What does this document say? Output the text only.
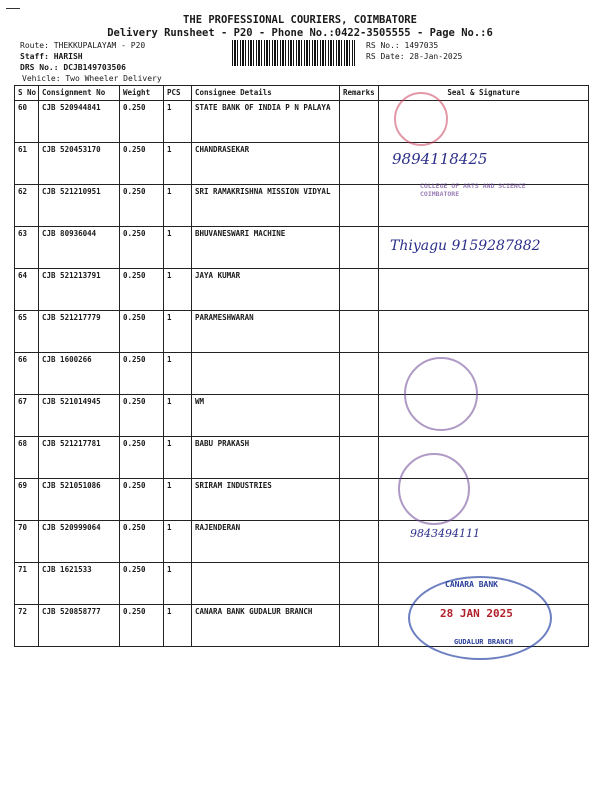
THE PROFESSIONAL COURIERS, COIMBATORE
Delivery Runsheet - P20 - Phone No.:0422-3505555 - Page No.:6
Route: THEKKUPALAYAM - P20
Staff: HARISH
DRS No.: DCJB149703506
Vehicle: Two Wheeler Delivery
RS No.: 1497035
RS Date: 28-Jan-2025
S No	Consignment No	Weight	PCS	Consignee Details	Remarks	Seal & Signature
60	CJB 520944841	0.250	1	STATE BANK OF INDIA P N PALAYA		
61	CJB 520453170	0.250	1	CHANDRASEKAR		
62	CJB 521210951	0.250	1	SRI RAMAKRISHNA MISSION VIDYAL		
63	CJB 80936044	0.250	1	BHUVANESWARI MACHINE		
64	CJB 521213791	0.250	1	JAYA KUMAR		
65	CJB 521217779	0.250	1	PARAMESHWARAN		
66	CJB 1600266	0.250	1			
67	CJB 521014945	0.250	1	WM		
68	CJB 521217781	0.250	1	BABU PRAKASH		
69	CJB 521051086	0.250	1	SRIRAM INDUSTRIES		
70	CJB 520999064	0.250	1	RAJENDERAN		
71	CJB 1621533	0.250	1			
72	CJB 520858777	0.250	1	CANARA BANK GUDALUR BRANCH		
9894118425
COLLEGE OF ARTS AND SCIENCE COIMBATORE
Thiyagu 9159287882
9843494111
CANARA BANK
28 JAN 2025
GUDALUR BRANCH
